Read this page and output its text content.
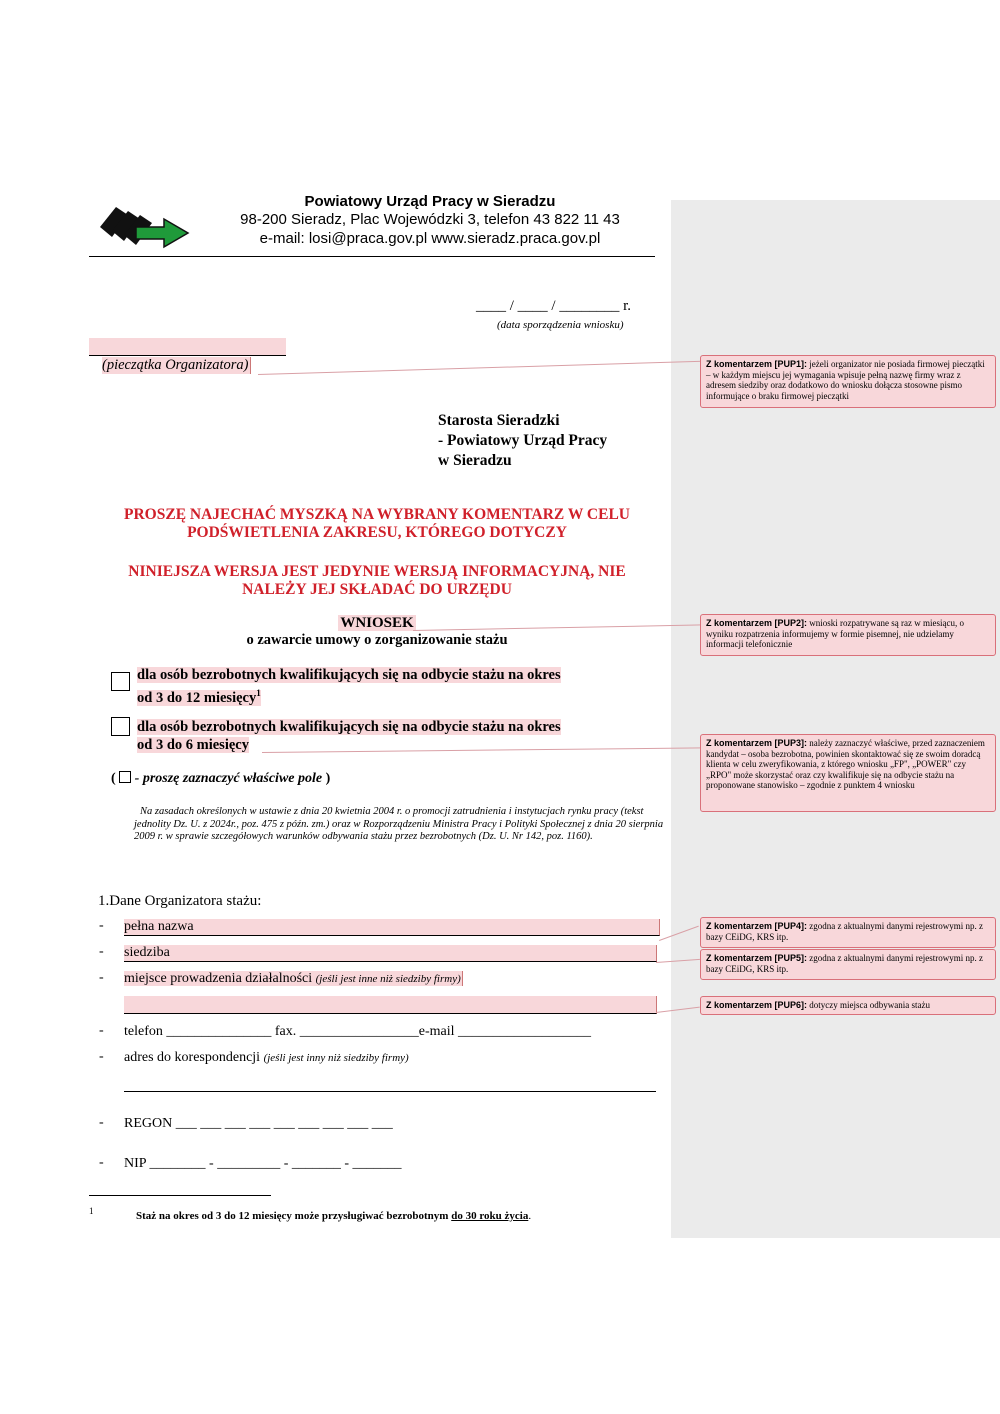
Powiatowy Urząd Pracy w Sieradzu
98-200 Sieradz, Plac Wojewódzki 3, telefon 43 822 11 43
e-mail: losi@praca.gov.pl www.sieradz.praca.gov.pl
____ / ____ / ________ r.
(data sporządzenia wniosku)
(pieczątka Organizatora)
Starosta Sieradzki
- Powiatowy Urząd Pracy
w Sieradzu
PROSZĘ NAJECHAĆ MYSZKĄ NA WYBRANY KOMENTARZ W CELU
PODŚWIETLENIA ZAKRESU, KTÓREGO DOTYCZY
NINIEJSZA WERSJA JEST JEDYNIE WERSJĄ INFORMACYJNĄ, NIE
NALEŻY JEJ SKŁADAĆ DO URZĘDU
WNIOSEK
o zawarcie umowy o zorganizowanie stażu
dla osób bezrobotnych kwalifikujących się na odbycie stażu na okres
od 3 do 12 miesięcy$^1$
dla osób bezrobotnych kwalifikujących się na odbycie stażu na okres
od 3 do 6 miesięcy
(  - proszę zaznaczyć właściwe pole )
Na zasadach określonych w ustawie z dnia 20 kwietnia 2004 r. o promocji zatrudnienia i instytucjach rynku pracy (tekst jednolity Dz. U. z 2024r., poz. 475 z późn. zm.) oraz w Rozporządzeniu Ministra Pracy i Polityki Społecznej z dnia 20 sierpnia 2009 r. w sprawie szczegółowych warunków odbywania stażu przez bezrobotnych (Dz. U. Nr 142, poz. 1160).
1.Dane Organizatora stażu:
- pełna nazwa
- siedziba
- miejsce prowadzenia działalności (jeśli jest inne niż siedziby firmy)
- telefon _______________ fax. _________________e-mail ___________________
- adres do korespondencji (jeśli jest inny niż siedziby firmy)
- REGON ___ ___ ___ ___ ___ ___ ___ ___ ___
- NIP ________ - _________ - _______ - _______
1	Staż na okres od 3 do 12 miesięcy może przysługiwać bezrobotnym do 30 roku życia.
Z komentarzem [PUP1]: jeżeli organizator nie posiada firmowej pieczątki – w każdym miejscu jej wymagania wpisuje pełną nazwę firmy wraz z adresem siedziby oraz dodatkowo do wniosku dołącza stosowne pismo informujące o braku firmowej pieczątki
Z komentarzem [PUP2]: wnioski rozpatrywane są raz w miesiącu, o wyniku rozpatrzenia informujemy w formie pisemnej, nie udzielamy informacji telefonicznie
Z komentarzem [PUP3]: należy zaznaczyć właściwe, przed zaznaczeniem kandydat – osoba bezrobotna, powinien skontaktować się ze swoim doradcą klienta w celu zweryfikowania, z którego wniosku „FP", „POWER" czy „RPO" może skorzystać oraz czy kwalifikuje się na odbycie stażu na proponowane stanowisko – zgodnie z punktem 4 wniosku
Z komentarzem [PUP4]: zgodna z aktualnymi danymi rejestrowymi np. z bazy CEiDG, KRS itp.
Z komentarzem [PUP5]: zgodna z aktualnymi danymi rejestrowymi np. z bazy CEiDG, KRS itp.
Z komentarzem [PUP6]: dotyczy miejsca odbywania stażu
